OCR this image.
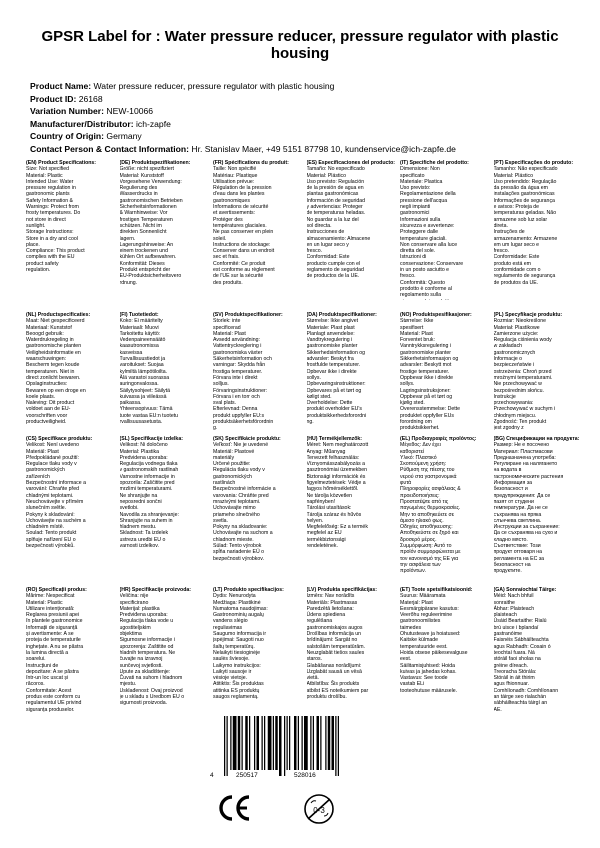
GPSR Label for : Water pressure reducer, pressure regulator with plastic housing
Product Name: Water pressure reducer, pressure regulator with plastic housing
Product ID: 26168
Variation Number: NEW-10066
Manufacturer/Distributor: ich-zapfe
Country of Origin: Germany
Contact Person & Contact Information: Hr. Stanislav Maer, +49 5151 87798 10, kundenservice@ich-zapfe.de
(EN) Product Specifications:
Size: Not specified
Material: Plastic
Intended Use: Water
pressure regulation in
gastronomic plants
Safety Information &
Warnings: Protect from
frosty temperatures. Do
not store in direct
sunlight.
Storage Instructions:
Store in a dry and cool
place.
Compliance: This product
complies with the EU
product safety
regulation.
(DE) Produktspezifikationen:
Größe: nicht spezifiziert
Material: Kunststoff
Vorgesehene Verwendung:
Regulierung des
Wasserdrucks in
gastronomischen Betrieben
Sicherheitsinformationen
& Warnhinweise: Vor
frostigen Temperaturen
schützen. Nicht im
direkten Sonnenlicht
lagern.
Lagerungshinweise: An
einem trockenen und
kühlen Ort aufbewahren.
Konformität: Dieses
Produkt entspricht der
EU-Produktsicherheitsvero
rdnung.
(FR) Spécifications du produit:
Taille: Non spécifié
Matériau: Plastique
Utilisation prévue:
Régulation de la pression
d'eau dans les plantes
gastronomiques
Informations de sécurité
et avertissements:
Protéger des
températures glaciales.
Ne pas conserver en plein
soleil.
Instructions de stockage:
Conserver dans un endroit
sec et frais.
Conformité: Ce produit
est conforme au règlement
de l'UE sur la sécurité
des produits.
(ES) Especificaciones del producto:
Tamaño: No especificado
Material: Plástico
Uso previsto: Regulación
de la presión de agua en
plantas gastronómicas
Información de seguridad
y advertencias: Proteger
de temperaturas heladas.
No guardar a la luz del
sol directa.
Instrucciones de
almacenamiento: Almacene
en un lugar seco y
fresco.
Conformidad: Este
producto cumple con el
reglamento de seguridad
de productos de la UE.
(IT) Specifiche del prodotto:
Dimensione: Non
specificato
Materiale: Plastica
Uso previsto:
Regolamentazione della
pressione dell'acqua
negli impianti
gastronomici
Informazioni sulla
sicurezza e avvertenze:
Proteggere dalle
temperature glaciali.
Non conservare alla luce
diretta del sole.
Istruzioni di
conservazione: Conservare
in un posto asciutto e
fresco.
Conformità: Questo
prodotto è conforme al
regolamento sulla

(PT) Especificações do produto:
Tamanho: Não especificado
Material: Plástico
Uso pretendido: Regulação
da pressão da água em
instalações gastronómicas
Informações de segurança
e avisos: Proteja de
temperaturas geladas. Não
armazene sob luz solar
direta.
Instruções de
armazenamento: Armazene
em um lugar seco e
fresco.
Conformidade: Este
produto está em
conformidade com o
regulamento de segurança
de produtos da UE.
(NL) Productspecificaties:
Maat: Niet gespecificeerd
Materiaal: Kunststof
Beoogd gebruik:
Waterdrukregeling in
gastronomische planten
Veiligheidsinformatie en
waarschuwingen:
Bescherm tegen koude
temperaturen. Niet in
direct zonlicht bewaren.
Opslaginstructies:
Bewaren op een droge en
koele plaats.
Naleving: Dit product
voldoet aan de EU-
voorschriften voor
productveiligheid.
(FI) Tuotetiedot:
Koko: Ei määritelty
Materiaali: Muovi
Tarkoitettu käyttö:
Vedenpaineensäätö
kaasutronomissa
kasveissa
Turvallisuustiedot ja
varoitukset: Suojaa
kylmiltä lämpötiloilta.
Älä varastoi suorassa
auringonvalossa.
Säilytysohjeet: Säilytä
kuivassa ja viileässä
paikassa.
Yhteensopivuus: Tämä
tuote vastaa EU:n tuotetu
rvallisuusasetusta.
(SV) Produktspecifikationer:
Storlek: inte
specificerad
Material: Plast
Avsedd användning:
Vattentryckreglering i
gastronomiska växter
Säkerhetsinformation och
varningar: Skydda från
frostiga temperaturer.
Förvara inte i direkt
solljus.
Förvaringsinstruktioner:
Förvara i en torr och
sval plats.
Efterlevnad: Denna
produkt uppfyller EU:s
produktsäkerhetsförordnin
g.
(DA) Produktspecifikationer:
Størrelse: Ikke angivet
Materiale: Plast plast
Planlagt anvendelse:
Vandtrykregulering i
gastronomiske planter
Sikkerhedsinformation og
advarsler: Beskyt fra
frostfulde temperaturer.
Opbevar ikke i direkte
sollys.
Opbevaringsinstruktioner:
Opbevares på et tørt og
køligt sted.
Overholdelse: Dette
produkt overholder EU's
produktsikkerhedsforordni
ng.
(NO) Produktspesifikasjoner:
Størrelse: Ikke
spesifisert
Material: Plast
Forventet bruk:
Vanntrykksregulering i
gastronomiske planter
Sikkerhetsinformasjon og
advarsler: Beskytt mot
frostige temperaturer.
Oppbevar ikke i direkte
sollys.
Lagringsinstruksjoner:
Oppbevar på et tørt og
kjølig sted.
Overensstemmelse: Dette
produktet oppfyller EUs
forordning om
produktsikkerhet.
(PL) Specyfikacje produktu:
Rozmiar: Nieokreślone
Materiał: Plastikowe
Zamierzone użycie:
Regulacja ciśnienia wody
w zakładach
gastronomicznych
Informacje o
bezpieczeństwie i
ostrzeżenia: Chroń przed
mroźnymi temperaturami.
Nie przechowywać w
bezpośrednim słońcu.
Instrukcje
przechowywania:
Przechowywać w suchym i
chłodnym miejscu.
Zgodność: Ten produkt
jest zgodny z

(CS) Specifikace produktu:
Velikost: Není uvedeno
Materiál: Plast
Předpokládané použití:
Regulace tlaku vody v
gastronomických
zařízeních
Bezpečnostní informace a
varování: Chraňte před
chladnými teplotami.
Neuchovávejte v přímém
slunečním světle.
Pokyny k skladování:
Uchovávejte na suchém a
chladném místě.
Soulad: Tento produkt
splňuje nařízení EU o
bezpečnosti výrobků.
(SL) Specifikacije izdelka:
Velikost: Ni določeno
Material: Plastika
Predvidena uporaba:
Regulacija vodnega tlaka
v gastronomskih rastlinah
Varnostne informacije in
opozorila: Zaščitite pred
mrzlimi temperaturami.
Ne shranjujte na
neposredni sončni
svetlobi.
Navodila za shranjevanje:
Shranjujte na suhem in
hladnem mestu.
Skladnost: Ta izdelek
ustreza uredbi EU o
varnosti izdelkov.
(SK) Špecifikácie produktu:
Veľkosť: Nie je uvedené
Materiál: Plastové
materiály
Určené použitie:
Regulácia tlaku vody v
gastronomických
rastlinách
Bezpečnostné informácie a
varovania: Chráňte pred
mrazivými teplotami.
Uchovávajte mimo
priameho slnečného
svetla.
Pokyny na skladovanie:
Uchovávajte na suchom a
chladnom mieste.
Súlad: Tento výrobok
spĺňa nariadenie EÚ o
bezpečnosti výrobkov.
(HU) Termékjellemzők:
Méret: Nem meghatározott
Anyag: Műanyag
Tervezett felhasználás:
Víznyomásszabályozás a
gasztronómiai üzemekben
Biztonsági információk és
figyelmeztetések: Védje a
fagyos hőmérséklettől.
Ne tárolja közvetlen
napfényben!
Tárolási utasítások:
Tárolja száraz és hűvös
helyen.
Megfelelőség: Ez a termék
megfelel az EU
termékbiztonsági
rendeletének.
(EL) Προδιαγραφές προϊόντος:
Μέγεθος: Δεν έχει
καθοριστεί
Υλικό: Πλαστικό
Σκοπούμενη χρήση:
Ρύθμιση της πίεσης του
νερού στα γαστρονομικά
φυτά
Πληροφορίες ασφάλειας &
προειδοποιήσεις:
Προστατέψτε από τις
παγωμένες θερμοκρασίες.
Μην το αποθηκεύετε σε
άμεσο ηλιακό φως.
Οδηγίες αποθήκευσης:
Αποθηκεύστε σε ξηρό και
δροσερό μέρος.
Συμμόρφωση: Αυτό το
προϊόν συμμορφώνεται με
τον κανονισμό της ΕΕ για
την ασφάλεια των
προϊόντων.
(BG) Спецификации на продукта:
Размер: Не е посочено
Материал: Пластмасови
Предназначена употреба:
Регулиране на налягането
на водата в
гастрономическите растения
Информация за
безопасност и
предупреждения: Да се
пазят от студени
температури. Да не се
съхранява на пряка
слънчева светлина.
Инструкции за съхранение:
Да се съхранява на сухо и
хладно място.
Съответствие: Този
продукт отговаря на
регламента на ЕС за
безопасност на
продуктите.
(RO) Specificații produs:
Mărime: Nespecificat
Material: Plastic
Utilizare intenționată:
Reglarea presiunii apei
în plantele gastronomice
Informații de siguranță
și avertismente: A se
proteja de temperaturile
inghețate. A nu se păstra
la lumina directă a
soarelui.
Instrucțiuni de
depozitare: A se păstra
într-un loc uscat și
răcoros.
Conformitate: Acest
produs este conform cu
regulamentul UE privind
siguranța produselor.
(HR) Specifikacije proizvoda:
Veličina: nije
specificirano
Materijal: plastika
Predviđena uporaba:
Regulacija tlaka vode u
ugostiteljskim
objektima
Sigurnosne informacije i
upozorenja: Zaštitite od
hladnih temperatura. Ne
čuvajte na izravnoj
sunčevoj svjetlosti.
Upute za skladištenje:
Čuvati na suhom i hladnom
mjestu.
Usklađenost: Ovaj proizvod
je u skladu s Uredbom EU o
sigurnosti proizvoda.
(LT) Produkto specifikacijos:
Dydis: Nenurodyta
Medžiaga: Plastikinė
Numatoma naudojimas:
Gastronominių augalų
vandens slėgio
reguliavimas
Saugumo informacija ir
įspėjimai: Saugoti nuo
šaltų temperatūrų.
Nelaikyti tiesioginėje
saulės šviesoje.
Laikymo instrukcijos:
Laikyti sausoje ir
vėsioje vietoje.
Atitiktis: Šis produktas
atitinka ES produktų
saugos reglamentą.
(LV) Produkta specifikācijas:
Izmērs: Nav norādīts
Materiāls: Plastmasas
Paredzētā lietošana:
Ūdens spiediena
regulēšana
gastronomiskajos augos
Drošības informācija un
brīdinājumi: Sargāt no
salstošām temperatūrām.
Neuzglabāt tiešos saules
staros.
Glabāšanas norādījumi:
Uzglabāt sausā un vēsā
vietā.
Atbilstība: Šis produkts
atbilst ES noteikumiem par
produktu drošību.
(ET) Toote spetsifikatsioonid:
Suurus: Määramata
Materjal: Plast
Eesmärgipärane kasutus:
Veerõhu reguleerimine
gastronoomilistes
taimedes
Ohutusteave ja hoiatused:
Kaitske külmade
temperatuuride eest.
Hoida otsese päikesevalguse
eest.
Säilitamisjuhised: Hoida
kuivas ja jahedas kohas.
Vastavus: See toode
vastab ELi
tooteohutuse määrusele.
(GA) Sonraíochtaí Táirge:
Méid: Nach bhfuil
sonraithe
Ábhar: Plaisteach
plaisteach
Úsáid Beartaithe: Rialú
brú uisce i bplandaí
gastranóime
Faisnéis Sábháilteachta
agus Rabhadh: Cosain ó
teochtaí fuara. Ná
stóráil faoi sholas na
gréine díreach.
Treoracha Stórála:
Stóráil in áit thirim
agus fhionnuar.
Comhlíonadh: Comhlíonann
an táirge seo rialachán
sábháilteachta táirgí an
AE.
4	250517	528016
0-3
